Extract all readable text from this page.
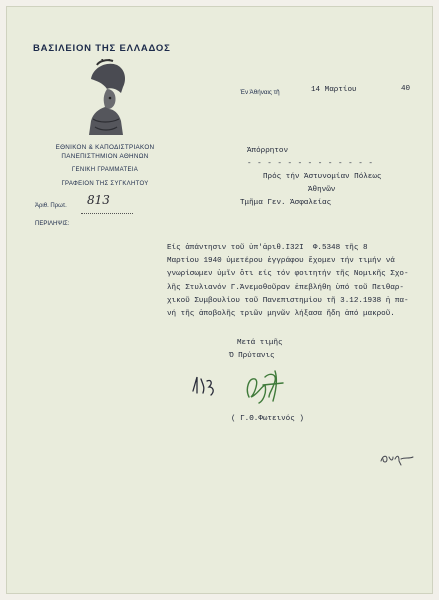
ΒΑΣΙΛΕΙΟΝ ΤΗΣ ΕΛΛΑΔΟΣ
ΕΘΝΙΚΟΝ & ΚΑΠΟΔΙΣΤΡΙΑΚΟΝ
ΠΑΝΕΠΙΣΤΗΜΙΟΝ ΑΘΗΝΩΝ
ΓΕΝΙΚΗ ΓΡΑΜΜΑΤΕΙΑ
ΓΡΑΦΕΙΟΝ ΤΗΣ ΣΥΓΚΛΗΤΟΥ
Άριθ. Πρωτ. 813
ΠΕΡΙΛΗΨΙΣ:
Έν Άθήναις τῆ	14 Μαρτίου	40
Άπόρρητον
- - - - - - - - - - - - -
Πρός τήν Άστυνομίαν Πόλεως
Άθηνῶν
Τμῆμα Γεν. Άσφαλείας
Είς ἀπάντησιν τοῦ ὑπ'ἀριθ.Ι32Ι  Φ.5348 τῆς 8
Μαρτίου 1940 ὑμετέρου ἐγγράφου ἔχομεν τήν τιμήν νά
γνωρίσωμεν ὑμῖν ὅτι είς τόν φοιτητήν τῆς Νομικῆς Σχο-
λῆς Στυλιανόν Γ.Άνεμοθοῦραν ἐπεβλήθη ὑπό τοῦ Πειθαρ-
χικοῦ Συμβουλίου τοῦ Πανεπιστημίου τῆ 3.12.1938 ἡ πα-
νή τῆς ἀποβολῆς τριῶν μηνῶν λήξασα ἤδη ἀπό μακροῦ.
Μετά τιμῆς
Ό Πρύτανις
( Γ.Θ.Φωτεινός )
